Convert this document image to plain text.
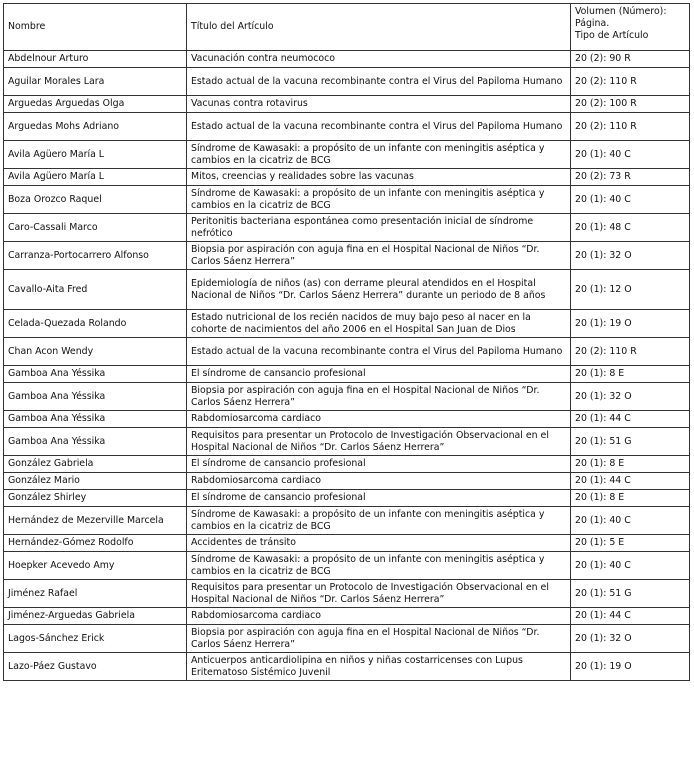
Nombre	Título del Artículo	Volumen (Número):
Página.
Tipo de Artículo

Abdelnour Arturo	Vacunación contra neumococo	20 (2): 90 R
Aguilar Morales Lara	Estado actual de la vacuna recombinante contra el Virus del Papiloma Humano	20 (2): 110 R
Arguedas Arguedas Olga	Vacunas contra rotavirus	20 (2): 100 R
Arguedas Mohs Adriano	Estado actual de la vacuna recombinante contra el Virus del Papiloma Humano	20 (2): 110 R
Avila Agüero María L	Síndrome de Kawasaki: a propósito de un infante con meningitis aséptica y cambios en la cicatriz de BCG	20 (1): 40 C
Avila Agüero María L	Mitos, creencias y realidades sobre las vacunas	20 (2): 73 R
Boza Orozco Raquel	Síndrome de Kawasaki: a propósito de un infante con meningitis aséptica y cambios en la cicatriz de BCG	20 (1): 40 C
Caro-Cassali Marco	Peritonitis bacteriana espontánea como presentación inicial de síndrome nefrótico	20 (1): 48 C
Carranza-Portocarrero Alfonso	Biopsia por aspiración con aguja fina en el Hospital Nacional de Niños “Dr. Carlos Sáenz Herrera”	20 (1): 32 O
Cavallo-Aita Fred	Epidemiología de niños (as) con derrame pleural atendidos en el Hospital Nacional de Niños “Dr. Carlos Sáenz Herrera” durante un periodo de 8 años	20 (1): 12 O
Celada-Quezada Rolando	Estado nutricional de los recién nacidos de muy bajo peso al nacer en la cohorte de nacimientos del año 2006 en el Hospital San Juan de Dios	20 (1): 19 O
Chan Acon Wendy	Estado actual de la vacuna recombinante contra el Virus del Papiloma Humano	20 (2): 110 R
Gamboa Ana Yéssika	El síndrome de cansancio profesional	20 (1): 8 E
Gamboa Ana Yéssika	Biopsia por aspiración con aguja fina en el Hospital Nacional de Niños “Dr. Carlos Sáenz Herrera”	20 (1): 32 O
Gamboa Ana Yéssika	Rabdomiosarcoma cardiaco	20 (1): 44 C
Gamboa Ana Yéssika	Requisitos para presentar un Protocolo de Investigación Observacional en el Hospital Nacional de Niños “Dr. Carlos Sáenz Herrera”	20 (1): 51 G
González Gabriela	El síndrome de cansancio profesional	20 (1): 8 E
González Mario	Rabdomiosarcoma cardiaco	20 (1): 44 C
González Shirley	El síndrome de cansancio profesional	20 (1): 8 E
Hernández de Mezerville Marcela	Síndrome de Kawasaki: a propósito de un infante con meningitis aséptica y cambios en la cicatriz de BCG	20 (1): 40 C
Hernández-Gómez Rodolfo	Accidentes de tránsito	20 (1): 5 E
Hoepker Acevedo Amy	Síndrome de Kawasaki: a propósito de un infante con meningitis aséptica y cambios en la cicatriz de BCG	20 (1): 40 C
Jiménez Rafael	Requisitos para presentar un Protocolo de Investigación Observacional en el Hospital Nacional de Niños “Dr. Carlos Sáenz Herrera”	20 (1): 51 G
Jiménez-Arguedas Gabriela	Rabdomiosarcoma cardiaco	20 (1): 44 C
Lagos-Sánchez Erick	Biopsia por aspiración con aguja fina en el Hospital Nacional de Niños “Dr. Carlos Sáenz Herrera”	20 (1): 32 O
Lazo-Páez Gustavo	Anticuerpos anticardiolipina en niños y niñas costarricenses con Lupus Eritematoso Sistémico Juvenil	20 (1): 19 O
